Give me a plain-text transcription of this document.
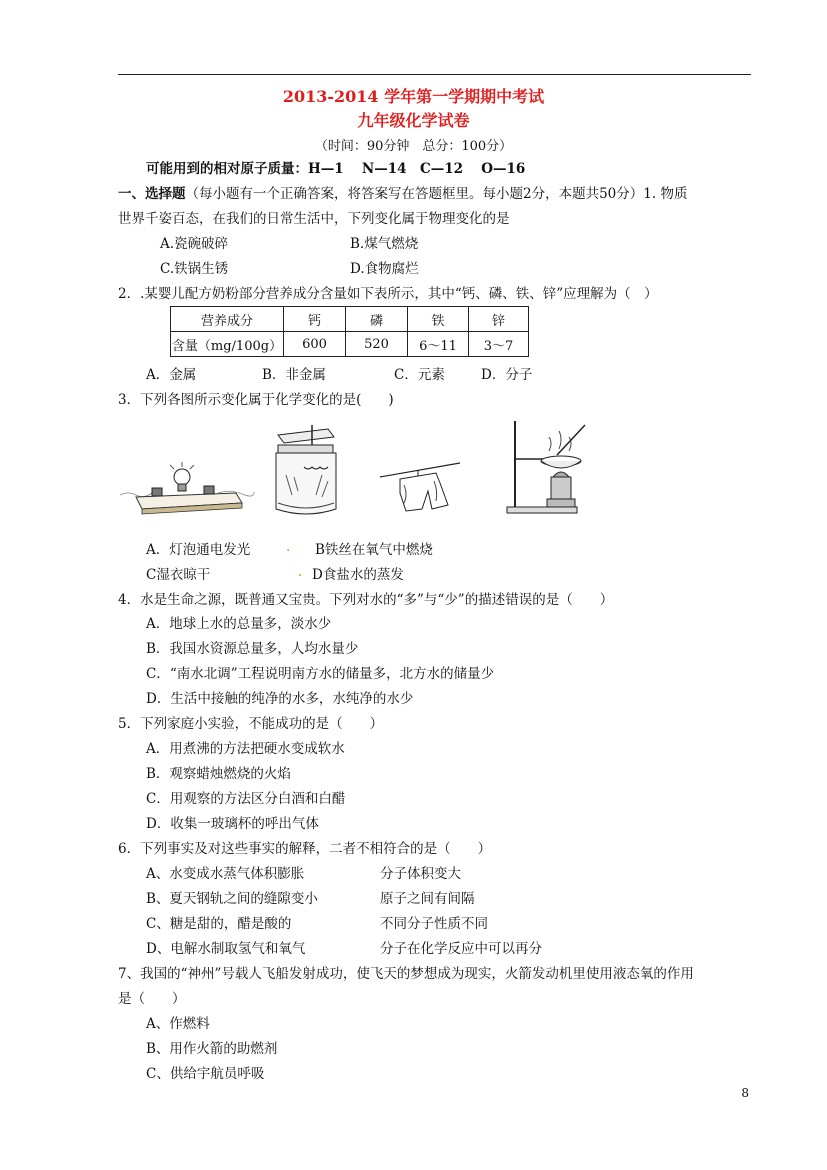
2013-2014 学年第一学期期中考试
九年级化学试卷
（时间：90分钟　总分：100分）
可能用到的相对原子质量：H—1　 N—14　C—12　 O—16
一、选择题（每小题有一个正确答案，将答案写在答题框里。每小题2分，本题共50分）1. 物质
世界千姿百态，在我们的日常生活中，下列变化属于物理变化的是
A.瓷碗破碎	B.煤气燃烧
C.铁锅生锈	D.食物腐烂
2．.某婴儿配方奶粉部分营养成分含量如下表所示，其中“钙、磷、铁、锌”应理解为（　）
营养成分	钙	磷	铁	锌
含量（mg/100g）	600	520	6～11	3～7
A．金属	B．非金属	C．元素	D．分子
3．下列各图所示变化属于化学变化的是(　　)
A．灯泡通电发光	. B铁丝在氧气中燃烧
C湿衣晾干	. D食盐水的蒸发
4．水是生命之源，既普通又宝贵。下列对水的“多”与“少”的描述错误的是（　　）
A．地球上水的总量多，淡水少
B．我国水资源总量多，人均水量少
C．“南水北调”工程说明南方水的储量多，北方水的储量少
D．生活中接触的纯净的水多，水纯净的水少
5．下列家庭小实验，不能成功的是（　　）
A．用煮沸的方法把硬水变成软水
B．观察蜡烛燃烧的火焰
C．用观察的方法区分白酒和白醋
D．收集一玻璃杯的呼出气体
6．下列事实及对这些事实的解释，二者不相符合的是（　　）
A、水变成水蒸气体积膨胀	分子体积变大
B、夏天钢轨之间的缝隙变小	原子之间有间隔
C、糖是甜的，醋是酸的	不同分子性质不同
D、电解水制取氢气和氧气	分子在化学反应中可以再分
7、我国的“神州”号载人飞船发射成功，使飞天的梦想成为现实，火箭发动机里使用液态氧的作用
是（　　）
A、作燃料
B、用作火箭的助燃剂
C、供给宇航员呼吸
8
